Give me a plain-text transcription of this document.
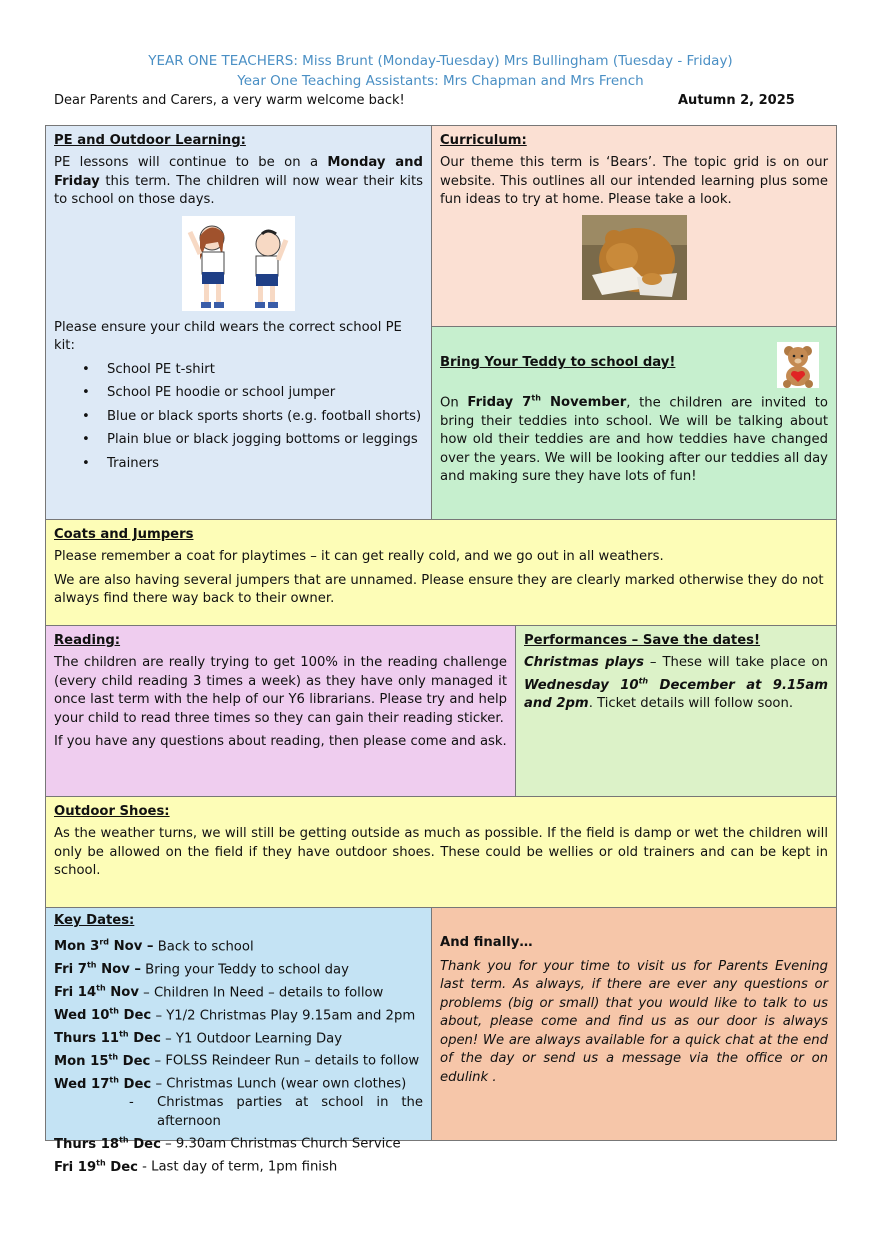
YEAR ONE TEACHERS: Miss Brunt (Monday-Tuesday) Mrs Bullingham (Tuesday - Friday)
Year One Teaching Assistants: Mrs Chapman and Mrs French
Dear Parents and Carers, a very warm welcome back!	Autumn 2, 2025
PE and Outdoor Learning:

PE lessons will continue to be on a Monday and Friday this term. The children will now wear their kits to school on those days.

Please ensure your child wears the correct school PE kit:

• School PE t-shirt
• School PE hoodie or school jumper
• Blue or black sports shorts (e.g. football shorts)
• Plain blue or black jogging bottoms or leggings
• Trainers
Curriculum:

Our theme this term is ‘Bears’. The topic grid is on our website. This outlines all our intended learning plus some fun ideas to try at home. Please take a look.

Bring Your Teddy to school day!

On Friday 7th November, the children are invited to bring their teddies into school. We will be talking about how old their teddies are and how teddies have changed over the years. We will be looking after our teddies all day and making sure they have lots of fun!

Coats and Jumpers

Please remember a coat for playtimes – it can get really cold, and we go out in all weathers.

We are also having several jumpers that are unnamed. Please ensure they are clearly marked otherwise they do not always find there way back to their owner.

Reading:

The children are really trying to get 100% in the reading challenge (every child reading 3 times a week) as they have only managed it once last term with the help of our Y6 librarians. Please try and help your child to read three times so they can gain their reading sticker.

If you have any questions about reading, then please come and ask.

Performances – Save the dates!

Christmas plays – These will take place on Wednesday 10th December at 9.15am and 2pm. Ticket details will follow soon.

Outdoor Shoes:

As the weather turns, we will still be getting outside as much as possible. If the field is damp or wet the children will only be allowed on the field if they have outdoor shoes. These could be wellies or old trainers and can be kept in school.

Key Dates:
Mon 3rd Nov – Back to school
Fri 7th Nov – Bring your Teddy to school day
Fri 14th Nov – Children In Need – details to follow
Wed 10th Dec – Y1/2 Christmas Play 9.15am and 2pm
Thurs 11th Dec – Y1 Outdoor Learning Day
Mon 15th Dec – FOLSS Reindeer Run – details to follow
Wed 17th Dec – Christmas Lunch (wear own clothes)
-	Christmas parties at school in the afternoon
Thurs 18th Dec – 9.30am Christmas Church Service
Fri 19th Dec - Last day of term, 1pm finish
And finally…

Thank you for your time to visit us for Parents Evening last term. As always, if there are ever any questions or problems (big or small) that you would like to talk to us about, please come and find us as our door is always open! We are always available for a quick chat at the end of the day or send us a message via the office or on edulink .
